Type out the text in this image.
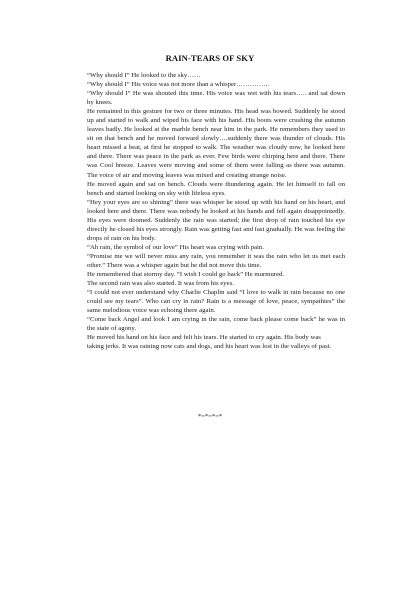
RAIN-TEARS OF SKY

“Why should I” He looked to the sky……

“Why should I” His voice was not more than a whisper……………

“Why should I” He was shouted this time. His voice was wet with his tears….. and sat down by knees.

He remained in this gesture for two or three minutes. His head was bowed. Suddenly he stood up and started to walk and wiped his face with his hand. His boots were crushing the autumn leaves badly. He looked at the marble bench near him in the park. He remembers they used to sit on that bench and he moved forward slowly….suddenly there was thunder of clouds. His heart missed a beat, at first he stopped to walk. The weather was cloudy now, he looked here and there. There was peace in the park as ever. Few birds were chirping here and there. There was Cool breeze. Leaves were moving and some of them were falling as there was autumn. The voice of air and moving leaves was mixed and creating strange noise.

He moved again and sat on bench. Clouds were thundering again. He let himself to fall on bench and started looking on sky with lifeless eyes.

“Hey your eyes are so shining” there was whisper he stood up with his hand on his heart, and looked here and there. There was nobody he looked at his hands and fell again disappointedly. His eyes were doomed. Suddenly the rain was started; the first drop of rain touched his eye directly he closed his eyes strongly. Rain was getting fast and fast gradually. He was feeling the drops of rain on his body.

“Ah rain, the symbol of our love” His heart was crying with pain.

“Promise me we will never miss any rain, you remember it was the rain who let us met each other.” There was a whisper again but he did not move this time.

He remembered that stormy day. “I wish I could go back” He murmured.

The second rain was also started. It was from his eyes.

“I could not ever understand why Charlie Chaplin said “I love to walk in rain because no one could see my tears”. Who can cry in rain? Rain is a message of love, peace, sympathies” the same melodious voice was echoing there again.

“Come back Angel and look I am crying in the rain, come back please come back” he was in the state of agony.

He moved his hand on his face and felt his tears. He started to cry again. His body was

taking jerks. It was raining now cats and dogs, and his heart was lost in the valleys of past.

*=*=*=*
